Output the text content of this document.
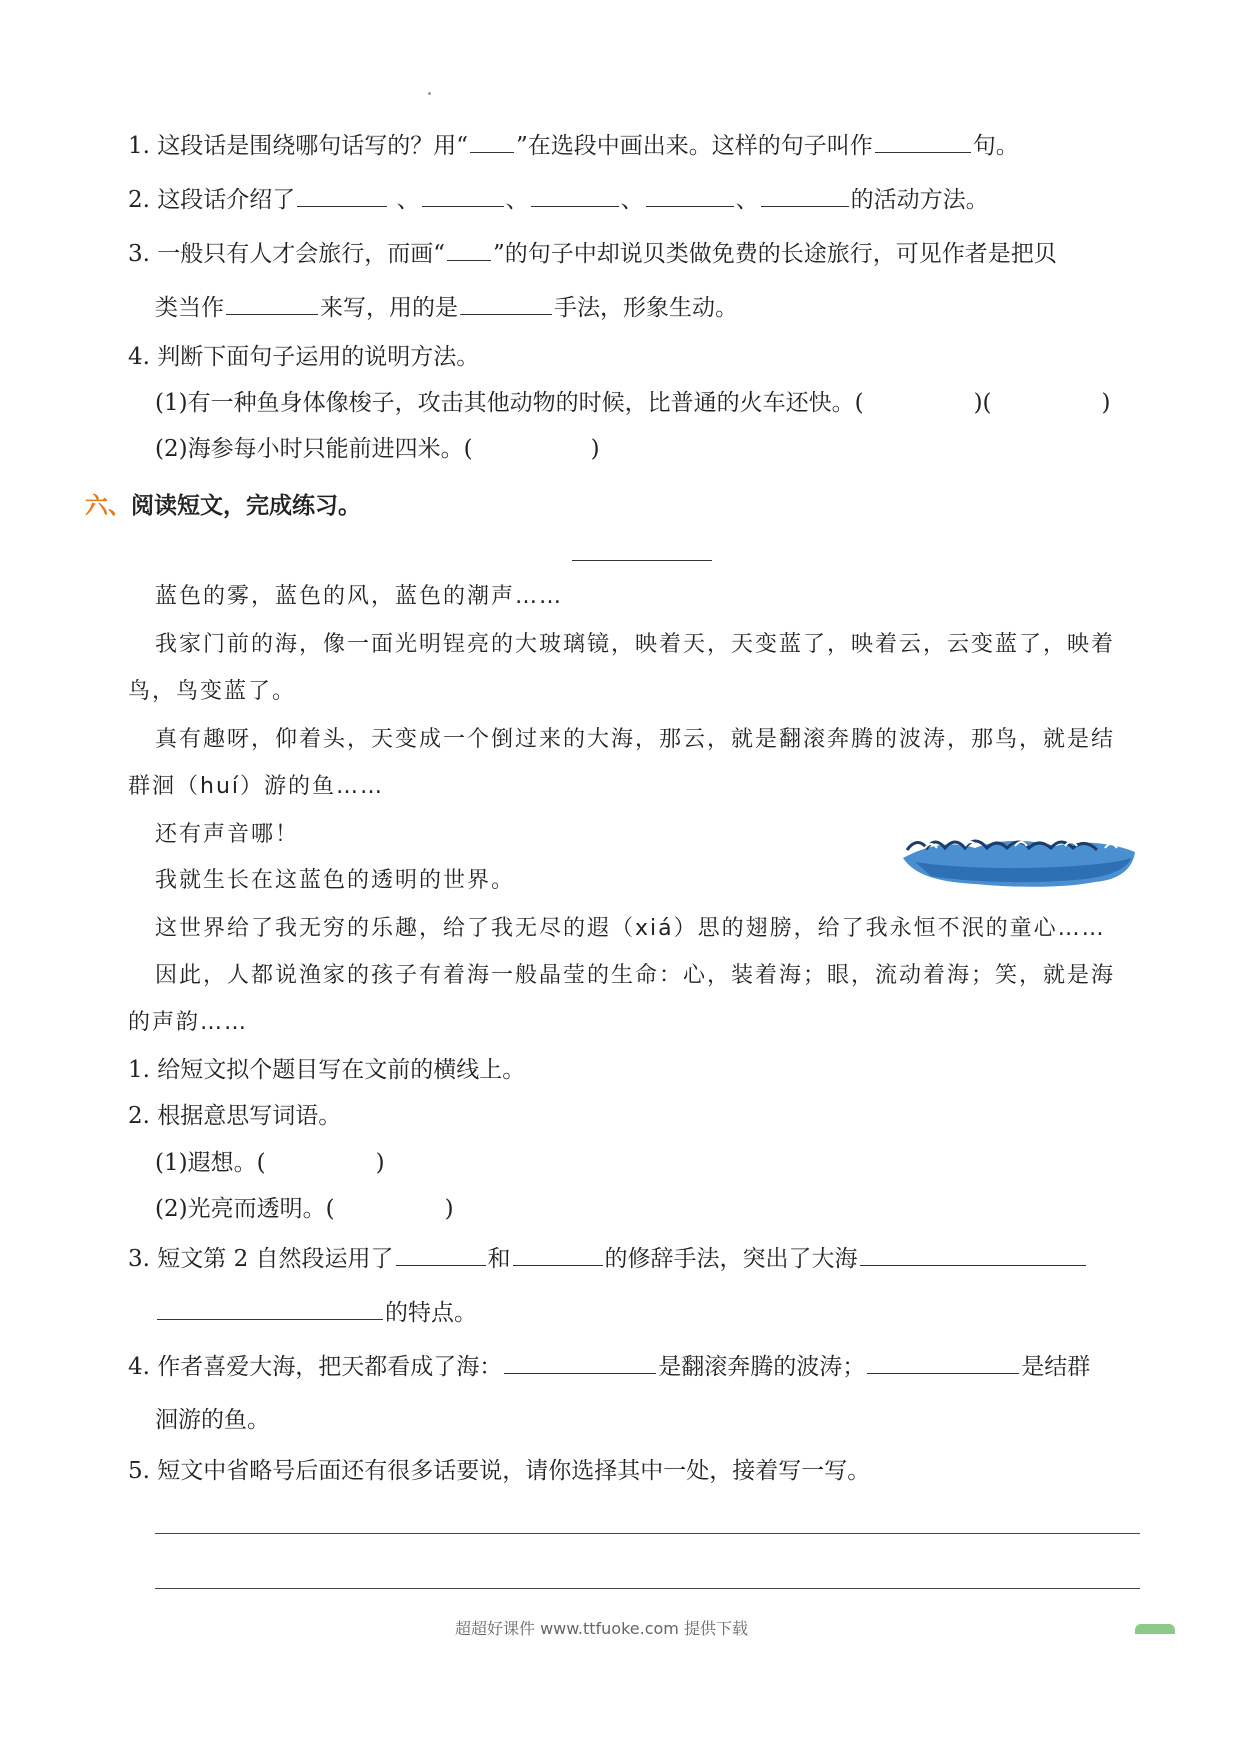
1. 这段话是围绕哪句话写的？用“ ”在选段中画出来。这样的句子叫作	句。
2. 这段话介绍了	、	、	、	、	的活动方法。
3. 一般只有人才会旅行，而画“ ”的句子中却说贝类做免费的长途旅行，可见作者是把贝
类当作	来写，用的是	手法，形象生动。
4. 判断下面句子运用的说明方法。
(1)有一种鱼身体像梭子，攻击其他动物的时候，比普通的火车还快。(	)(	)
(2)海参每小时只能前进四米。(	)
六、阅读短文，完成练习。
蓝色的雾，蓝色的风，蓝色的潮声……
我家门前的海，像一面光明锃亮的大玻璃镜，映着天，天变蓝了，映着云，云变蓝了，映着
鸟，鸟变蓝了。
真有趣呀，仰着头，天变成一个倒过来的大海，那云，就是翻滚奔腾的波涛，那鸟，就是结
群洄（huí）游的鱼……
还有声音哪！
我就生长在这蓝色的透明的世界。
这世界给了我无穷的乐趣，给了我无尽的遐（xiá）思的翅膀，给了我永恒不泯的童心……
因此，人都说渔家的孩子有着海一般晶莹的生命：心，装着海；眼，流动着海；笑，就是海
的声韵……
1. 给短文拟个题目写在文前的横线上。
2. 根据意思写词语。
(1)遐想。(	)
(2)光亮而透明。(	)
3. 短文第 2 自然段运用了	和	的修辞手法，突出了大海
的特点。
4. 作者喜爱大海，把天都看成了海：	是翻滚奔腾的波涛；	是结群
洄游的鱼。
5. 短文中省略号后面还有很多话要说，请你选择其中一处，接着写一写。
超超好课件 www.ttfuoke.com 提供下载
